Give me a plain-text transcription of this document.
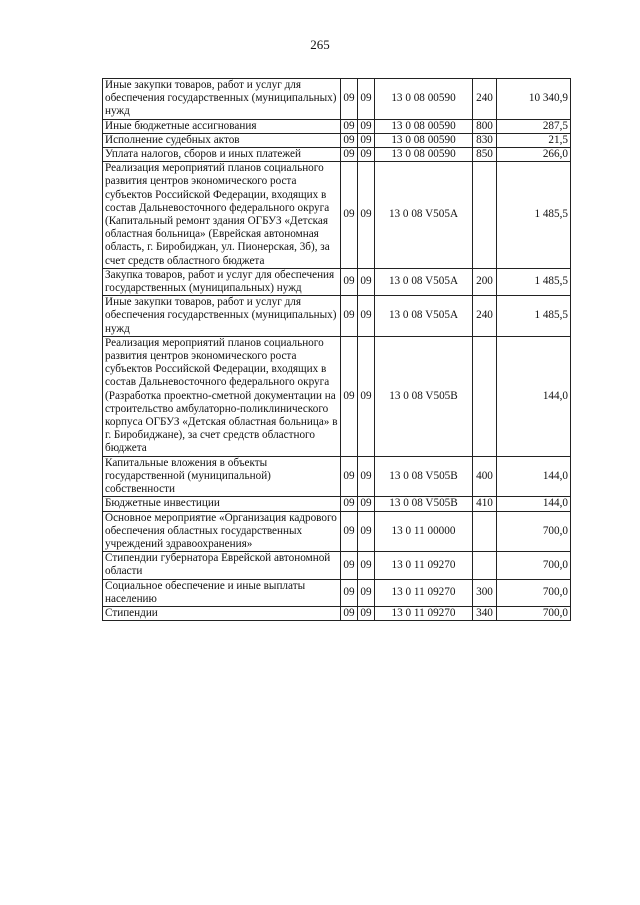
265
Иные закупки товаров, работ и услуг для обеспечения государственных (муниципальных) нужд	09	09	13 0 08 00590	240	10 340,9
Иные бюджетные ассигнования	09	09	13 0 08 00590	800	287,5
Исполнение судебных актов	09	09	13 0 08 00590	830	21,5
Уплата налогов, сборов и иных платежей	09	09	13 0 08 00590	850	266,0
Реализация мероприятий планов социального развития центров экономического роста субъектов Российской Федерации, входящих в состав Дальневосточного федерального округа (Капитальный ремонт здания ОГБУЗ «Детская областная больница» (Еврейская автономная область, г. Биробиджан, ул. Пионерская, 3б), за счет средств областного бюджета	09	09	13 0 08 V505A		1 485,5
Закупка товаров, работ и услуг для обеспечения государственных (муниципальных) нужд	09	09	13 0 08 V505A	200	1 485,5
Иные закупки товаров, работ и услуг для обеспечения государственных (муниципальных) нужд	09	09	13 0 08 V505A	240	1 485,5
Реализация мероприятий планов социального развития центров экономического роста субъектов Российской Федерации, входящих в состав Дальневосточного федерального округа (Разработка проектно-сметной документации на строительство амбулаторно-поликлинического корпуса ОГБУЗ «Детская областная больница» в г. Биробиджане), за счет средств областного бюджета	09	09	13 0 08 V505B		144,0
Капитальные вложения в объекты государственной (муниципальной) собственности	09	09	13 0 08 V505B	400	144,0
Бюджетные инвестиции	09	09	13 0 08 V505B	410	144,0
Основное мероприятие «Организация кадрового обеспечения областных государственных учреждений здравоохранения»	09	09	13 0 11 00000		700,0
Стипендии губернатора Еврейской автономной области	09	09	13 0 11 09270		700,0
Социальное обеспечение и иные выплаты населению	09	09	13 0 11 09270	300	700,0
Стипендии	09	09	13 0 11 09270	340	700,0
